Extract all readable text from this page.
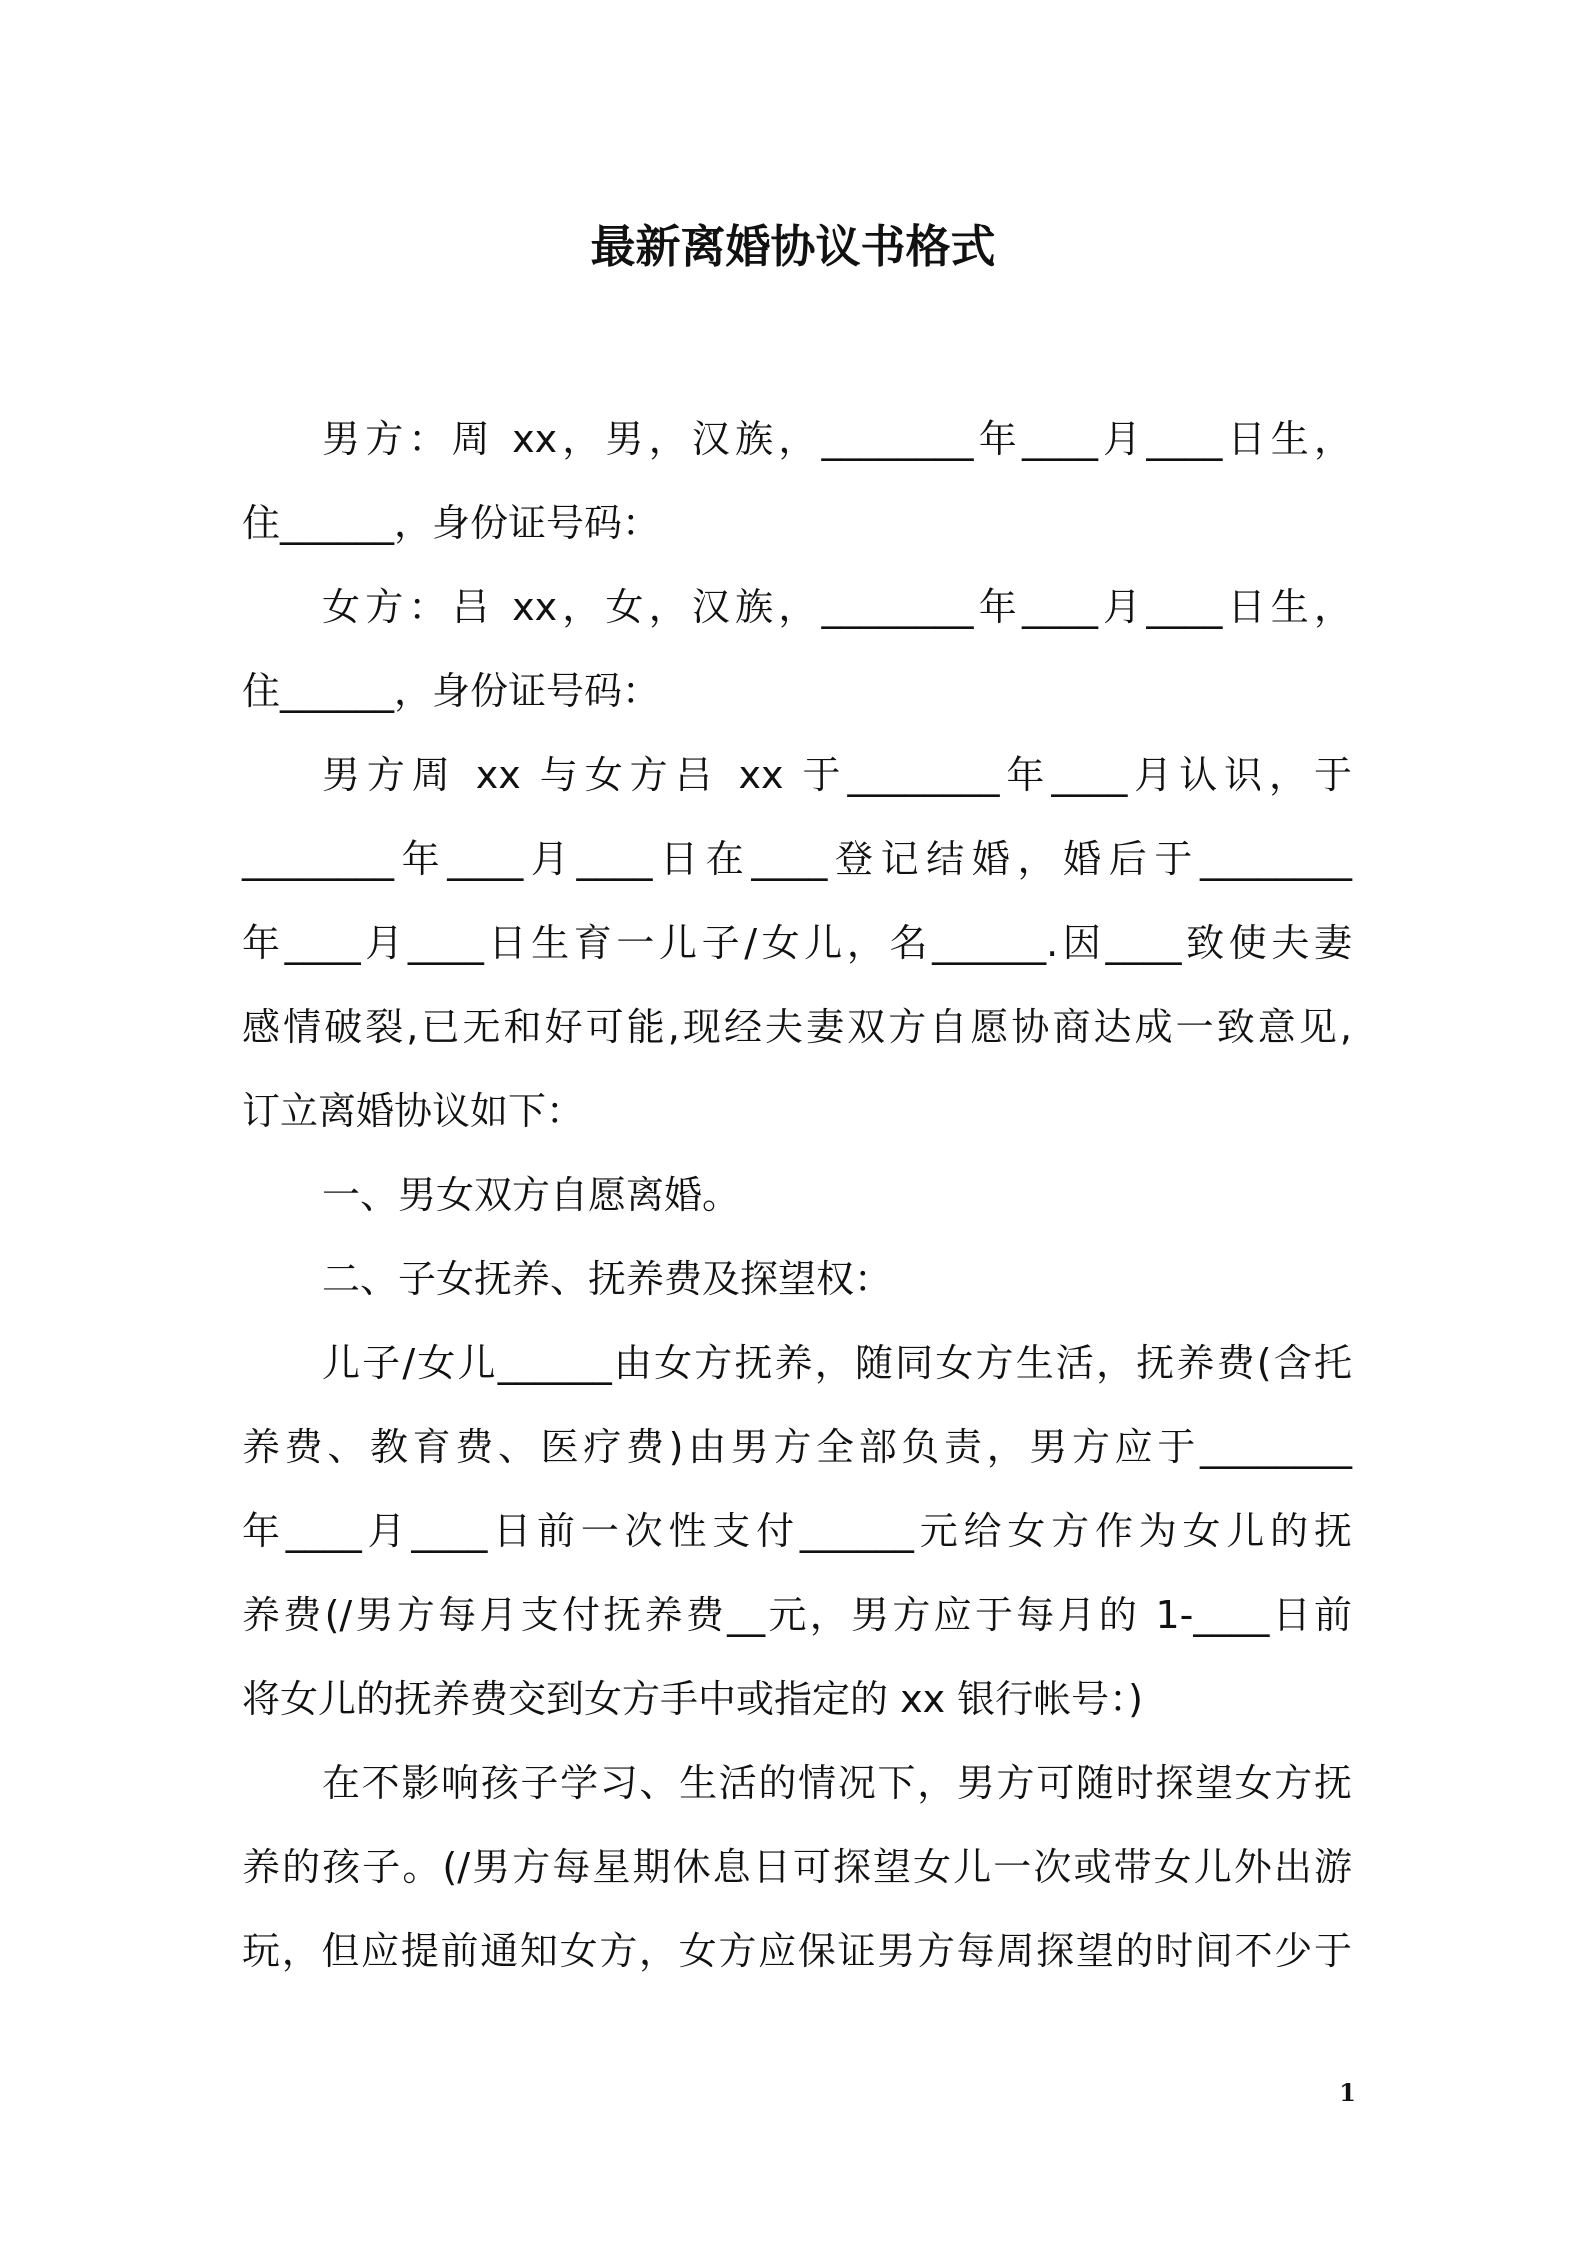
最新离婚协议书格式
男方：周 xx，男，汉族，________年____月____日生，
住______，身份证号码：
女方：吕 xx，女，汉族，________年____月____日生，
住______，身份证号码：
男方周 xx 与女方吕 xx 于________年____月认识，于
________年____月____日在____登记结婚，婚后于________
年____月____日生育一儿子/女儿，名______.因____致使夫妻
感情破裂,已无和好可能,现经夫妻双方自愿协商达成一致意见,
订立离婚协议如下：
一、男女双方自愿离婚。
二、子女抚养、抚养费及探望权：
儿子/女儿______由女方抚养，随同女方生活，抚养费(含托
养费、教育费、医疗费)由男方全部负责，男方应于________
年____月____日前一次性支付______元给女方作为女儿的抚
养费(/男方每月支付抚养费__元，男方应于每月的 1-____日前
将女儿的抚养费交到女方手中或指定的 xx 银行帐号：)
在不影响孩子学习、生活的情况下，男方可随时探望女方抚
养的孩子。(/男方每星期休息日可探望女儿一次或带女儿外出游
玩，但应提前通知女方，女方应保证男方每周探望的时间不少于
1
